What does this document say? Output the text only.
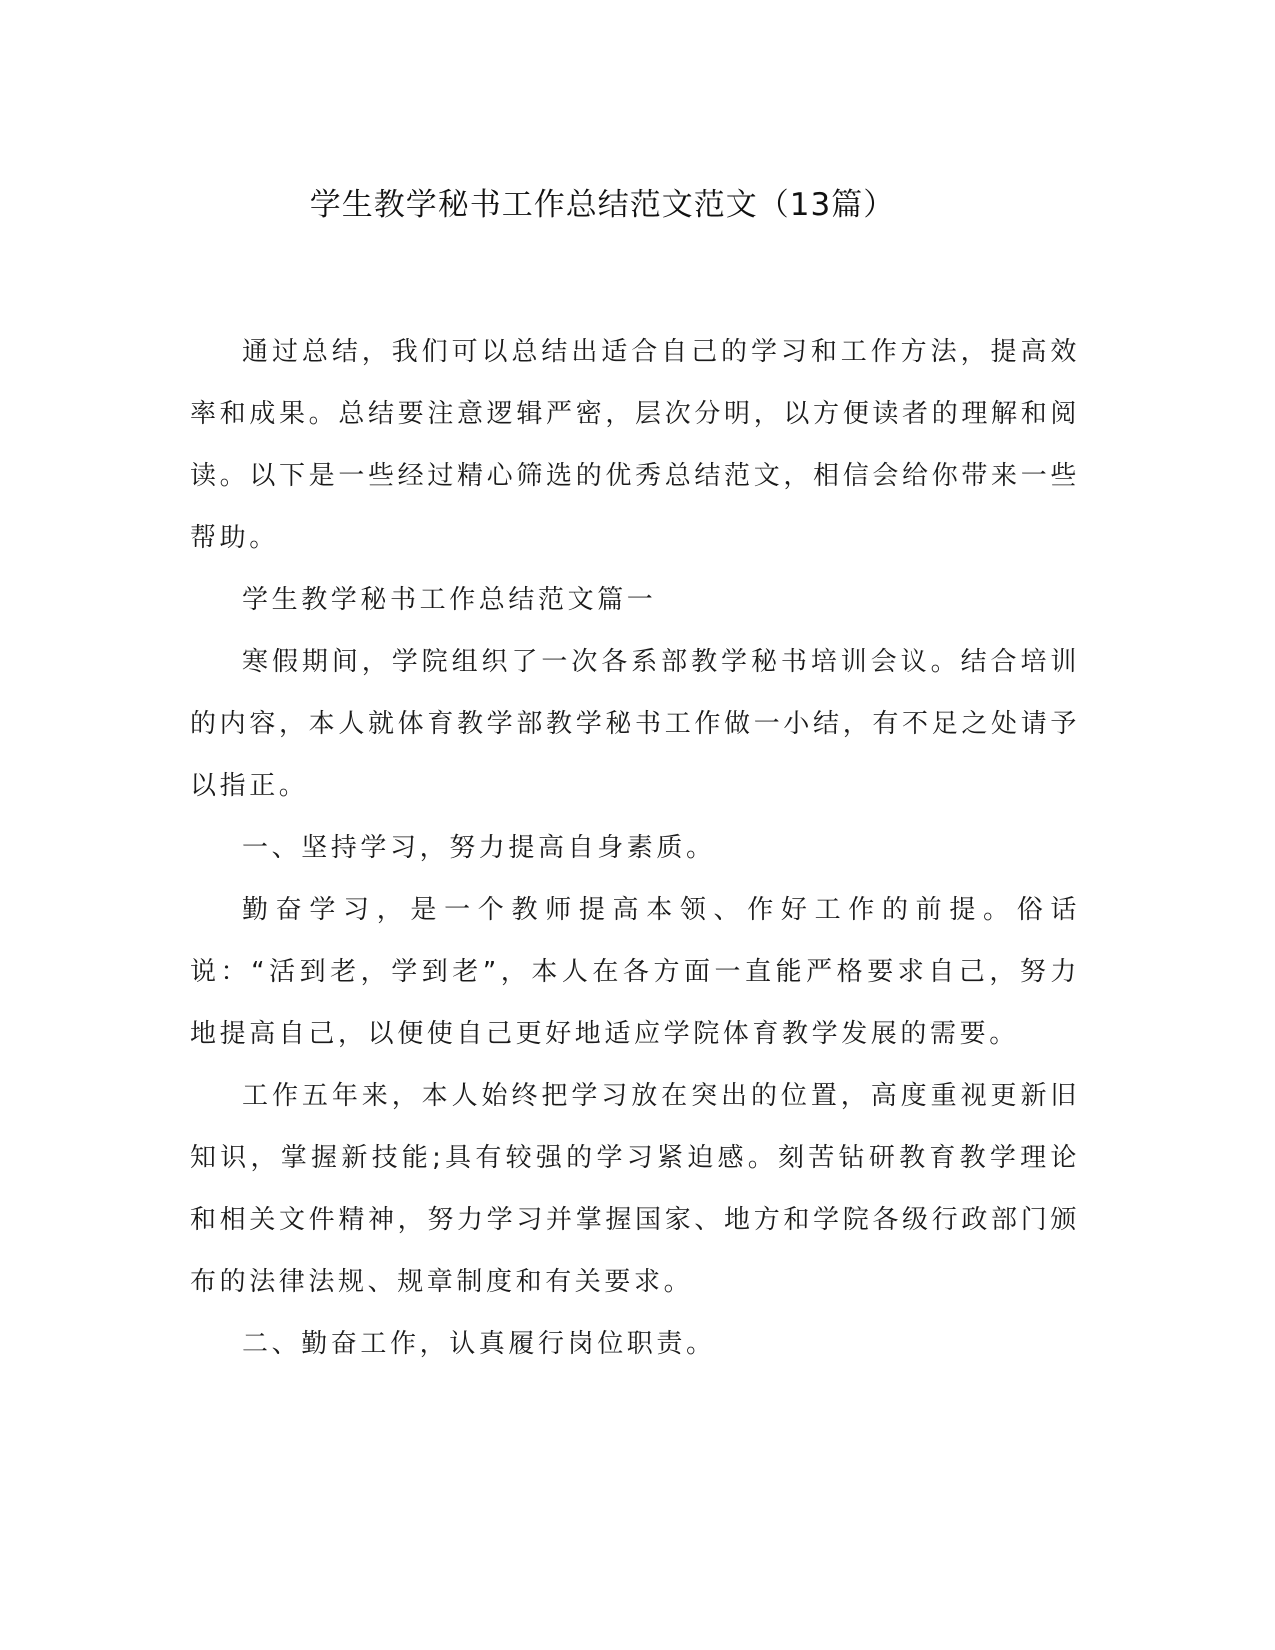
学生教学秘书工作总结范文范文（13篇）

通过总结，我们可以总结出适合自己的学习和工作方法，提高效率和成果。总结要注意逻辑严密，层次分明，以方便读者的理解和阅读。以下是一些经过精心筛选的优秀总结范文，相信会给你带来一些帮助。

学生教学秘书工作总结范文篇一

寒假期间，学院组织了一次各系部教学秘书培训会议。结合培训的内容，本人就体育教学部教学秘书工作做一小结，有不足之处请予以指正。

一、坚持学习，努力提高自身素质。

勤奋学习，是一个教师提高本领、作好工作的前提。俗话说：“活到老，学到老”，本人在各方面一直能严格要求自己，努力地提高自己，以便使自己更好地适应学院体育教学发展的需要。

工作五年来，本人始终把学习放在突出的位置，高度重视更新旧知识，掌握新技能;具有较强的学习紧迫感。刻苦钻研教育教学理论和相关文件精神，努力学习并掌握国家、地方和学院各级行政部门颁布的法律法规、规章制度和有关要求。

二、勤奋工作，认真履行岗位职责。
